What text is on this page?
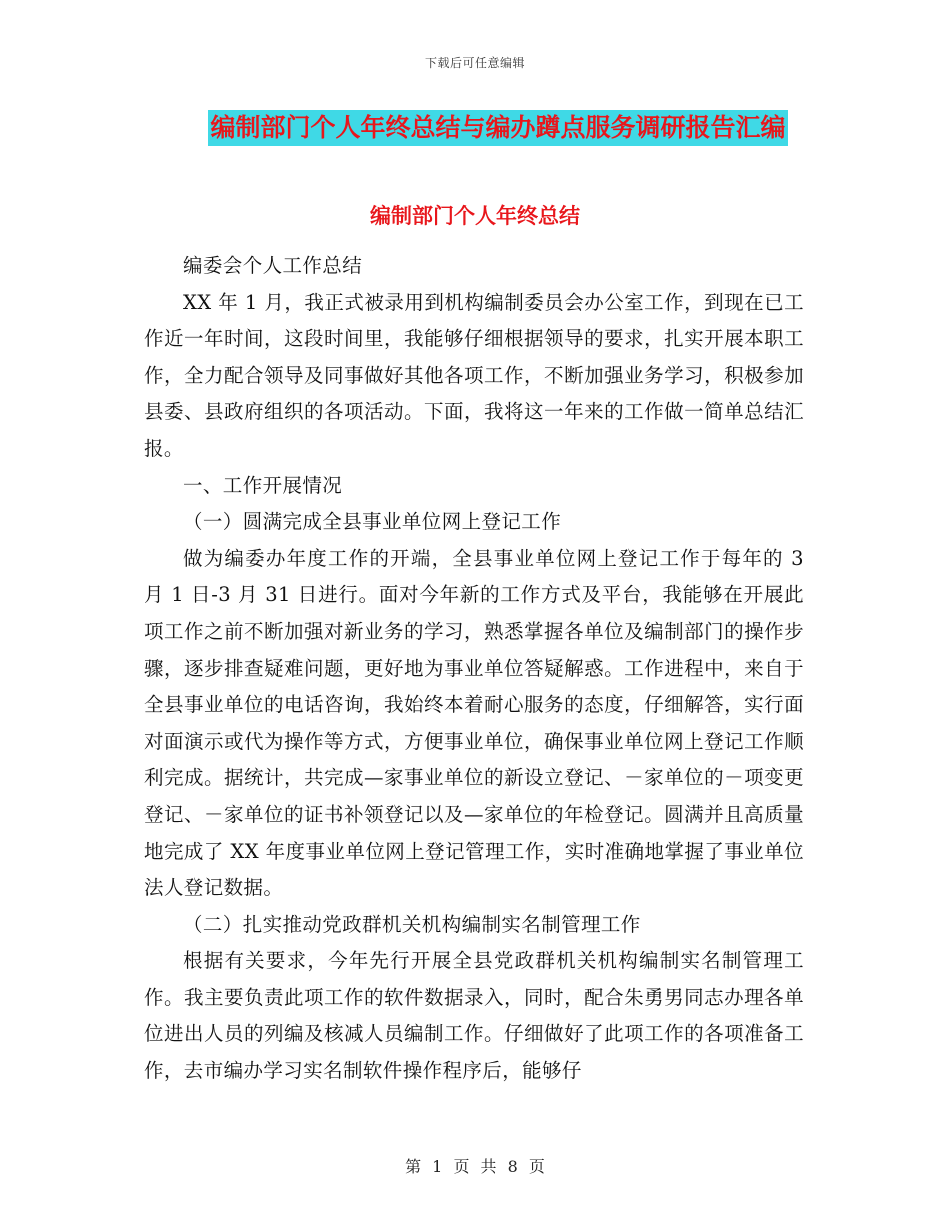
下载后可任意编辑
编制部门个人年终总结与编办蹲点服务调研报告汇编
编制部门个人年终总结

编委会个人工作总结

XX 年 1 月，我正式被录用到机构编制委员会办公室工作，到现在已工作近一年时间，这段时间里，我能够仔细根据领导的要求，扎实开展本职工作，全力配合领导及同事做好其他各项工作，不断加强业务学习，积极参加县委、县政府组织的各项活动。下面，我将这一年来的工作做一简单总结汇报。

一、工作开展情况

（一）圆满完成全县事业单位网上登记工作

做为编委办年度工作的开端，全县事业单位网上登记工作于每年的 3 月 1 日-3 月 31 日进行。面对今年新的工作方式及平台，我能够在开展此项工作之前不断加强对新业务的学习，熟悉掌握各单位及编制部门的操作步骤，逐步排查疑难问题，更好地为事业单位答疑解惑。工作进程中，来自于全县事业单位的电话咨询，我始终本着耐心服务的态度，仔细解答，实行面对面演示或代为操作等方式，方便事业单位，确保事业单位网上登记工作顺利完成。据统计，共完成—家事业单位的新设立登记、－家单位的－项变更登记、－家单位的证书补领登记以及—家单位的年检登记。圆满并且高质量地完成了 XX 年度事业单位网上登记管理工作，实时准确地掌握了事业单位法人登记数据。

（二）扎实推动党政群机关机构编制实名制管理工作

根据有关要求，今年先行开展全县党政群机关机构编制实名制管理工作。我主要负责此项工作的软件数据录入，同时，配合朱勇男同志办理各单位进出人员的列编及核减人员编制工作。仔细做好了此项工作的各项准备工作，去市编办学习实名制软件操作程序后，能够仔

第 1 页 共 8 页
